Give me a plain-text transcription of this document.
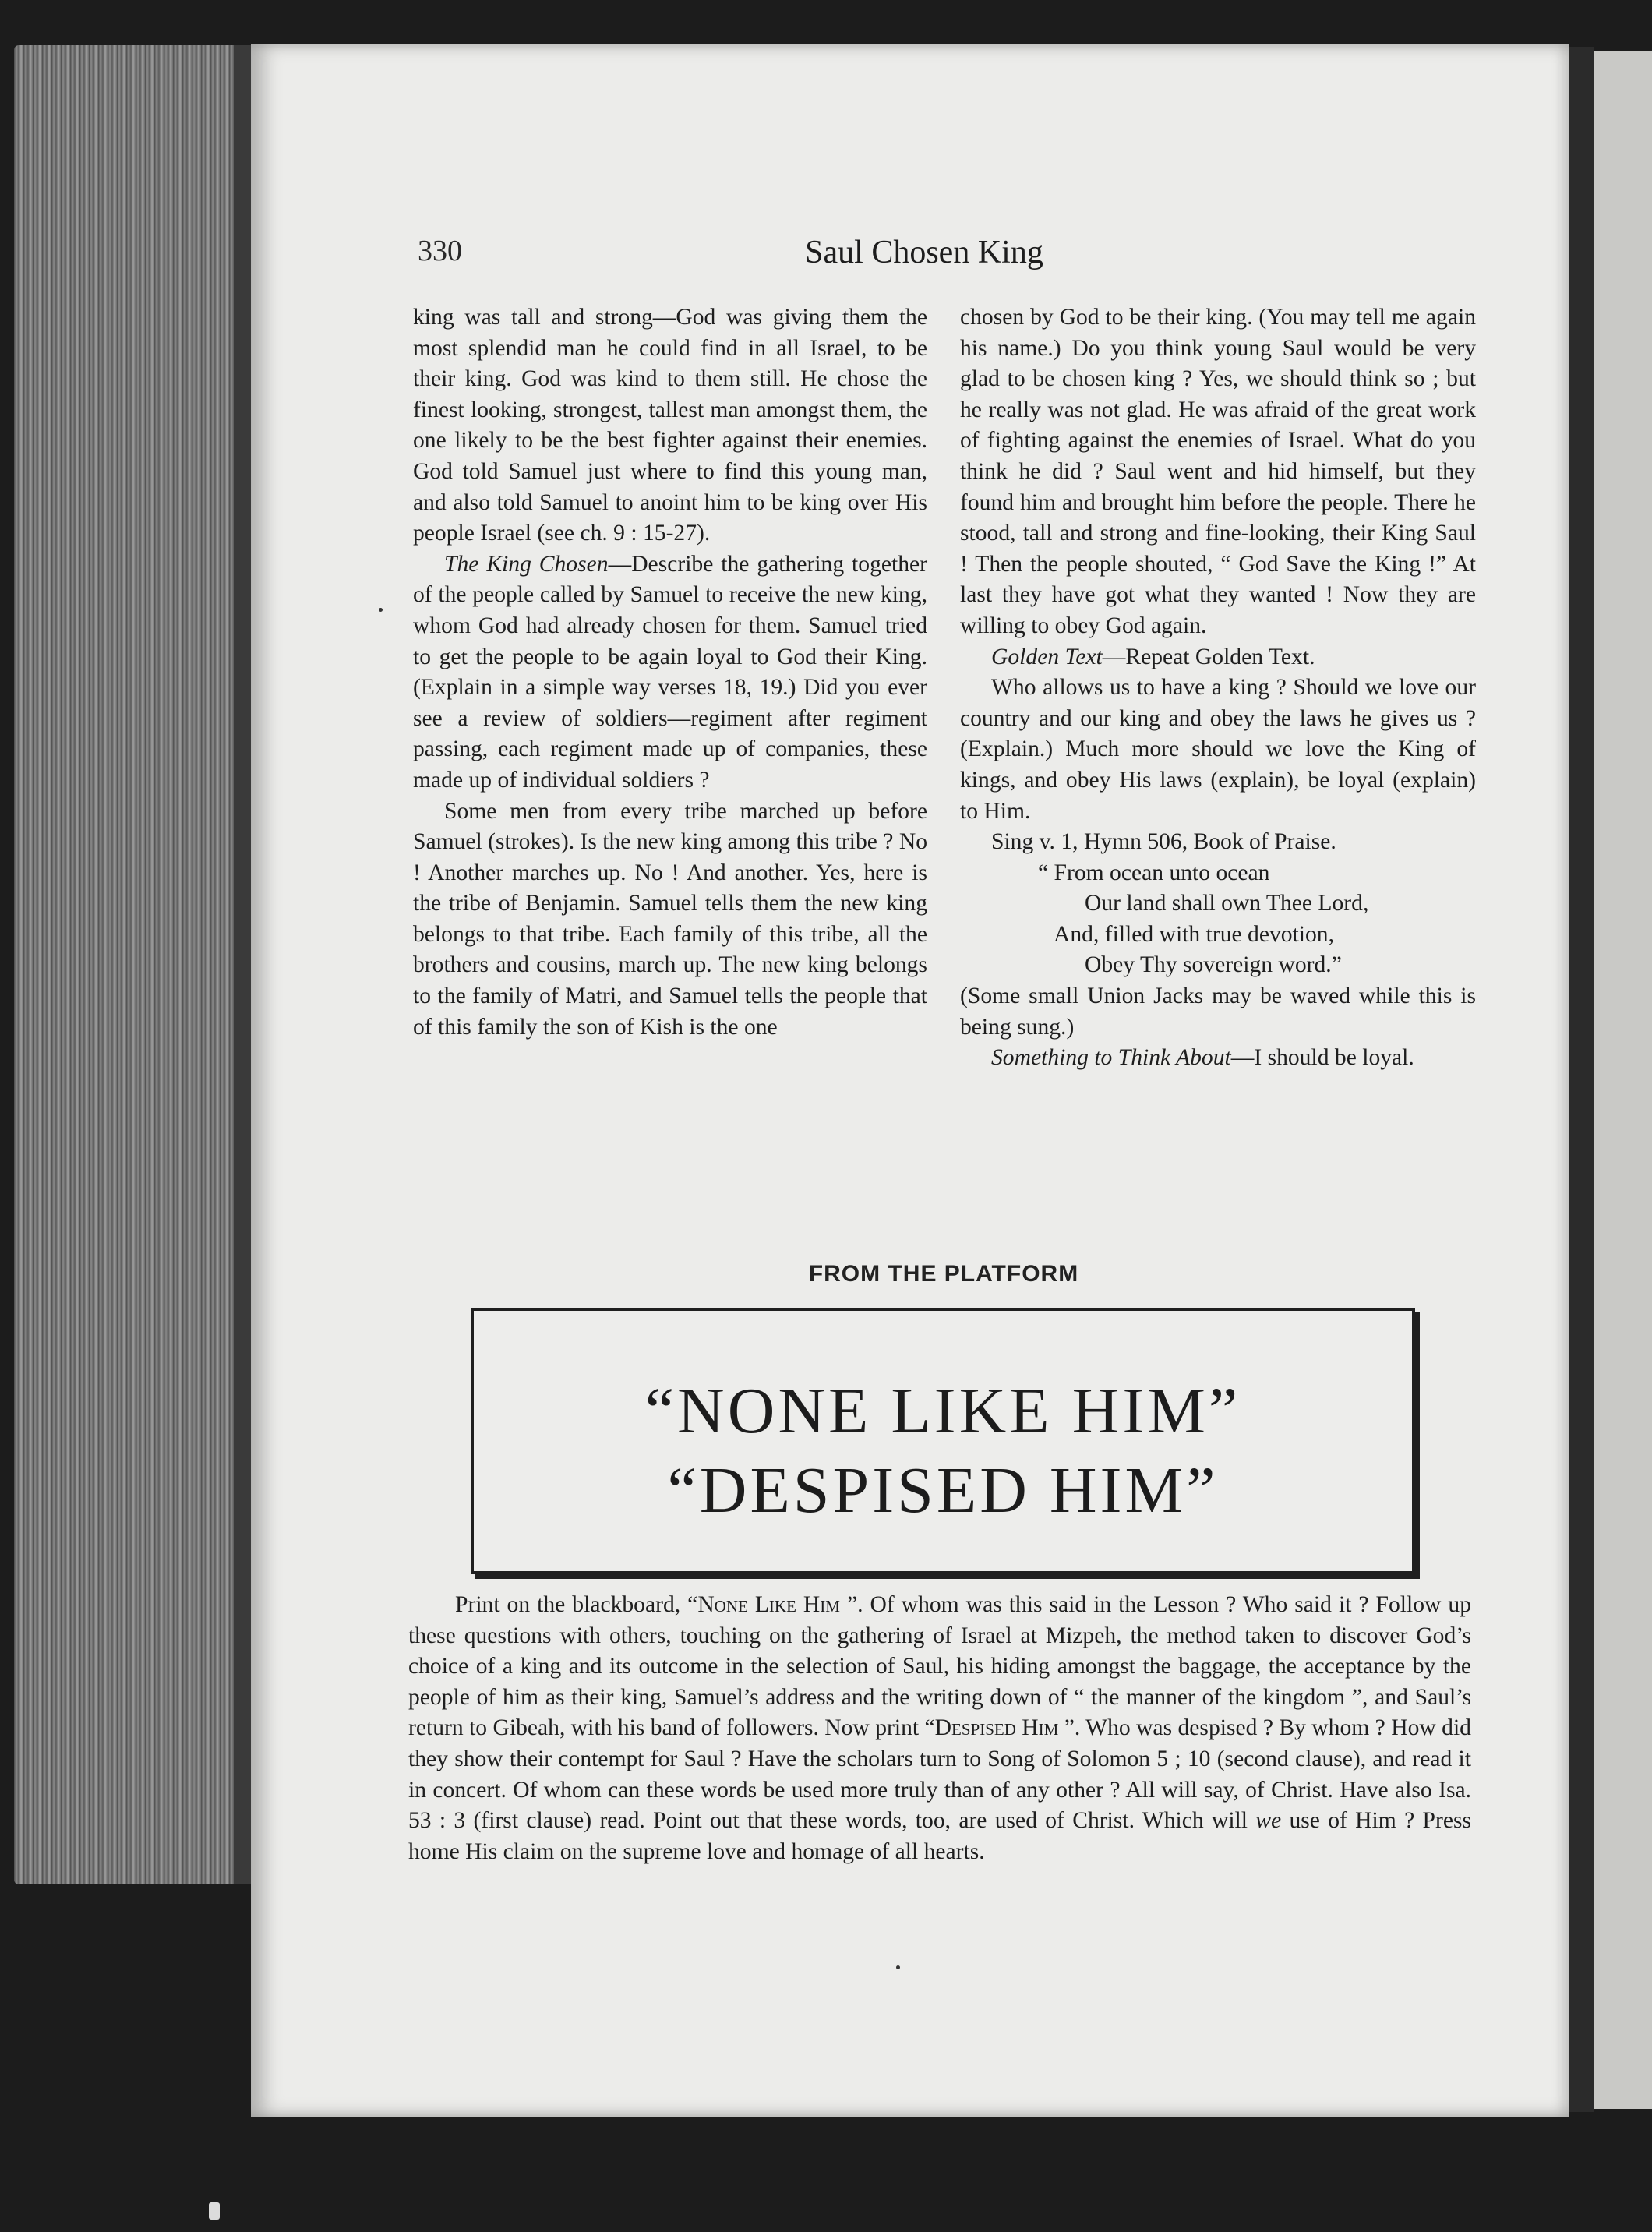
330	Saul Chosen King

king was tall and strong—God was giving them the most splendid man he could find in all Israel, to be their king. God was kind to them still. He chose the finest looking, strongest, tallest man amongst them, the one likely to be the best fighter against their enemies. God told Samuel just where to find this young man, and also told Samuel to anoint him to be king over His people Israel (see ch. 9 : 15-27).

The King Chosen—Describe the gathering together of the people called by Samuel to receive the new king, whom God had already chosen for them. Samuel tried to get the people to be again loyal to God their King. (Explain in a simple way verses 18, 19.) Did you ever see a review of soldiers—regiment after regiment passing, each regiment made up of companies, these made up of individual soldiers ?

Some men from every tribe marched up before Samuel (strokes). Is the new king among this tribe ? No ! Another marches up. No ! And another. Yes, here is the tribe of Benjamin. Samuel tells them the new king belongs to that tribe. Each family of this tribe, all the brothers and cousins, march up. The new king belongs to the family of Matri, and Samuel tells the people that of this family the son of Kish is the one

chosen by God to be their king. (You may tell me again his name.) Do you think young Saul would be very glad to be chosen king ? Yes, we should think so ; but he really was not glad. He was afraid of the great work of fighting against the enemies of Israel. What do you think he did ? Saul went and hid himself, but they found him and brought him before the people. There he stood, tall and strong and fine-looking, their King Saul ! Then the people shouted, “ God Save the King !” At last they have got what they wanted ! Now they are willing to obey God again.

Golden Text—Repeat Golden Text.

Who allows us to have a king ? Should we love our country and our king and obey the laws he gives us ? (Explain.) Much more should we love the King of kings, and obey His laws (explain), be loyal (explain) to Him.

Sing v. 1, Hymn 506, Book of Praise.

“ From ocean unto ocean
Our land shall own Thee Lord,
And, filled with true devotion,
Obey Thy sovereign word.”

(Some small Union Jacks may be waved while this is being sung.)

Something to Think About—I should be loyal.

FROM THE PLATFORM
“NONE LIKE HIM”
“DESPISED HIM”

Print on the blackboard, “None Like Him ”. Of whom was this said in the Lesson ? Who said it ? Follow up these questions with others, touching on the gathering of Israel at Mizpeh, the method taken to discover God’s choice of a king and its outcome in the selection of Saul, his hiding amongst the baggage, the acceptance by the people of him as their king, Samuel’s address and the writing down of “ the manner of the kingdom ”, and Saul’s return to Gibeah, with his band of followers. Now print “Despised Him ”. Who was despised ? By whom ? How did they show their contempt for Saul ? Have the scholars turn to Song of Solomon 5 ; 10 (second clause), and read it in concert. Of whom can these words be used more truly than of any other ? All will say, of Christ. Have also Isa. 53 : 3 (first clause) read. Point out that these words, too, are used of Christ. Which will we use of Him ? Press home His claim on the supreme love and homage of all hearts.
